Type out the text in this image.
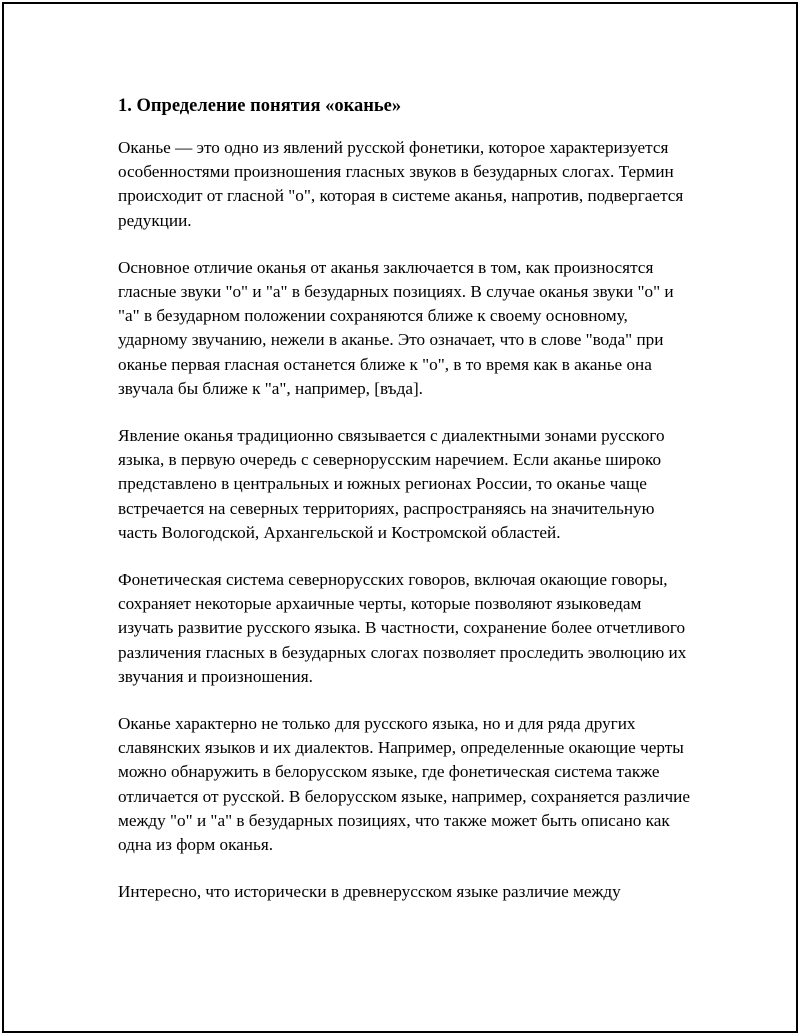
1. Определение понятия «оканье»

Оканье — это одно из явлений русской фонетики, которое характеризуется особенностями произношения гласных звуков в безударных слогах. Термин происходит от гласной "о", которая в системе аканья, напротив, подвергается редукции.

Основное отличие оканья от аканья заключается в том, как произносятся гласные звуки "о" и "а" в безударных позициях. В случае оканья звуки "о" и "а" в безударном положении сохраняются ближе к своему основному, ударному звучанию, нежели в аканье. Это означает, что в слове "вода" при оканье первая гласная останется ближе к "о", в то время как в аканье она звучала бы ближе к "а", например, [въда].

Явление оканья традиционно связывается с диалектными зонами русского языка, в первую очередь с севернорусским наречием. Если аканье широко представлено в центральных и южных регионах России, то оканье чаще встречается на северных территориях, распространяясь на значительную часть Вологодской, Архангельской и Костромской областей.

Фонетическая система севернорусских говоров, включая окающие говоры, сохраняет некоторые архаичные черты, которые позволяют языковедам изучать развитие русского языка. В частности, сохранение более отчетливого различения гласных в безударных слогах позволяет проследить эволюцию их звучания и произношения.

Оканье характерно не только для русского языка, но и для ряда других славянских языков и их диалектов. Например, определенные окающие черты можно обнаружить в белорусском языке, где фонетическая система также отличается от русской. В белорусском языке, например, сохраняется различие между "о" и "а" в безударных позициях, что также может быть описано как одна из форм оканья.

Интересно, что исторически в древнерусском языке различие между
